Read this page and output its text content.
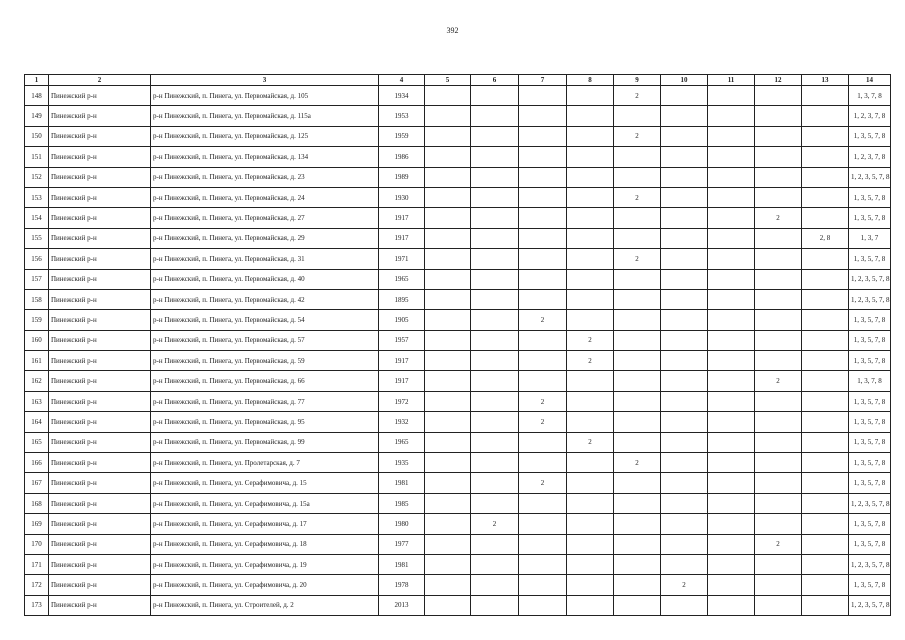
392
1	2	3	4	5	6	7	8	9	10	11	12	13	14
148	Пинежский р-н	р-н Пинежский, п. Пинега, ул. Первомайская, д. 105	1934					2					1, 3, 7, 8
149	Пинежский р-н	р-н Пинежский, п. Пинега, ул. Первомайская, д. 115а	1953										1, 2, 3, 7, 8
150	Пинежский р-н	р-н Пинежский, п. Пинега, ул. Первомайская, д. 125	1959					2					1, 3, 5, 7, 8
151	Пинежский р-н	р-н Пинежский, п. Пинега, ул. Первомайская, д. 134	1986										1, 2, 3, 7, 8
152	Пинежский р-н	р-н Пинежский, п. Пинега, ул. Первомайская, д. 23	1989										1, 2, 3, 5, 7, 8
153	Пинежский р-н	р-н Пинежский, п. Пинега, ул. Первомайская, д. 24	1930					2					1, 3, 5, 7, 8
154	Пинежский р-н	р-н Пинежский, п. Пинега, ул. Первомайская, д. 27	1917								2		1, 3, 5, 7, 8
155	Пинежский р-н	р-н Пинежский, п. Пинега, ул. Первомайская, д. 29	1917									2, 8	1, 3, 7
156	Пинежский р-н	р-н Пинежский, п. Пинега, ул. Первомайская, д. 31	1971					2					1, 3, 5, 7, 8
157	Пинежский р-н	р-н Пинежский, п. Пинега, ул. Первомайская, д. 40	1965										1, 2, 3, 5, 7, 8
158	Пинежский р-н	р-н Пинежский, п. Пинега, ул. Первомайская, д. 42	1895										1, 2, 3, 5, 7, 8
159	Пинежский р-н	р-н Пинежский, п. Пинега, ул. Первомайская, д. 54	1905			2							1, 3, 5, 7, 8
160	Пинежский р-н	р-н Пинежский, п. Пинега, ул. Первомайская, д. 57	1957				2						1, 3, 5, 7, 8
161	Пинежский р-н	р-н Пинежский, п. Пинега, ул. Первомайская, д. 59	1917				2						1, 3, 5, 7, 8
162	Пинежский р-н	р-н Пинежский, п. Пинега, ул. Первомайская, д. 66	1917								2		1, 3, 7, 8
163	Пинежский р-н	р-н Пинежский, п. Пинега, ул. Первомайская, д. 77	1972			2							1, 3, 5, 7, 8
164	Пинежский р-н	р-н Пинежский, п. Пинега, ул. Первомайская, д. 95	1932			2							1, 3, 5, 7, 8
165	Пинежский р-н	р-н Пинежский, п. Пинега, ул. Первомайская, д. 99	1965				2						1, 3, 5, 7, 8
166	Пинежский р-н	р-н Пинежский, п. Пинега, ул. Пролетарская, д. 7	1935					2					1, 3, 5, 7, 8
167	Пинежский р-н	р-н Пинежский, п. Пинега, ул. Серафимовича, д. 15	1981			2							1, 3, 5, 7, 8
168	Пинежский р-н	р-н Пинежский, п. Пинега, ул. Серафимовича, д. 15а	1985										1, 2, 3, 5, 7, 8
169	Пинежский р-н	р-н Пинежский, п. Пинега, ул. Серафимовича, д. 17	1980		2								1, 3, 5, 7, 8
170	Пинежский р-н	р-н Пинежский, п. Пинега, ул. Серафимовича, д. 18	1977								2		1, 3, 5, 7, 8
171	Пинежский р-н	р-н Пинежский, п. Пинега, ул. Серафимовича, д. 19	1981										1, 2, 3, 5, 7, 8
172	Пинежский р-н	р-н Пинежский, п. Пинега, ул. Серафимовича, д. 20	1978						2				1, 3, 5, 7, 8
173	Пинежский р-н	р-н Пинежский, п. Пинега, ул. Строителей, д. 2	2013										1, 2, 3, 5, 7, 8
